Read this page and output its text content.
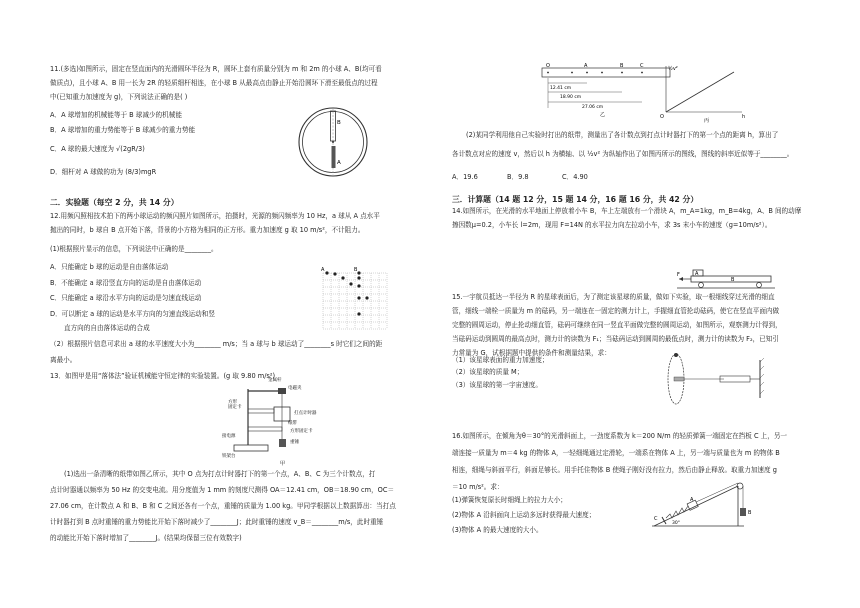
11.(多选)如图所示，固定在竖直面内的光滑圆环半径为 R，圆环上套有质量分别为 m 和 2m 的小球 A、B(均可看

做质点)，且小球 A、B 用一长为 2R 的轻质细杆相连，在小球 B 从最高点由静止开始沿圆环下滑至最低点的过程

中(已知重力加速度为 g)，下列说法正确的是( )

A．A 球增加的机械能等于 B 球减少的机械能

B．A 球增加的重力势能等于 B 球减少的重力势能

C．A 球的最大速度为 √(2gR/3)

D．细杆对 A 球做的功为 (8/3)mgR

B
A

二．实验题（每空 2 分，共 14 分）

12.用频闪照相技术拍下的两小球运动的频闪照片如图所示，拍摄时，光源的频闪频率为 10 Hz，a 球从 A 点水平

抛出的同时，b 球自 B 点开始下落，背景的小方格为相同的正方形。重力加速度 g 取 10 m/s²，不计阻力。

(1)根据照片显示的信息，下列说法中正确的是________。

A．只能确定 b 球的运动是自由落体运动

B．不能确定 a 球沿竖直方向的运动是自由落体运动

C．只能确定 a 球沿水平方向的运动是匀速直线运动

D．可以断定 a 球的运动是水平方向的匀速直线运动和竖

直方向的自由落体运动的合成

（2）根据照片信息可求出 a 球的水平速度大小为________ m/s；当 a 球与 b 球运动了________s 时它们之间的距

离最小。

A	B

13．如图甲是用“落体法”验证机械能守恒定律的实验装置。(g 取 9.80 m/s²)

金属杆
电磁夹
方形
固定卡
打点计时器
纸带
方形固定卡
重锤
接电源
铁架台
甲

(1)选出一条清晰的纸带如图乙所示，其中 O 点为打点计时器打下的第一个点，A、B、C 为三个计数点，打

点计时器通以频率为 50 Hz 的交变电流。用分度值为 1 mm 的刻度尺测得 OA＝12.41 cm，OB＝18.90 cm，OC＝

27.06 cm，在计数点 A 和 B、B 和 C 之间还各有一个点，重锤的质量为 1.00 kg。甲同学根据以上数据算出：当打点

计时器打到 B 点时重锤的重力势能比开始下落时减少了________J；此时重锤的速度 v_B＝________m/s，此时重锤

的动能比开始下落时增加了________J。(结果均保留三位有效数字)

O	A	B	C
12.41 cm
18.90 cm
27.06 cm
乙
½v²
h
O
丙

(2)某同学利用他自己实验时打出的纸带，测量出了各计数点到打点计时器打下的第一个点的距离 h，算出了

各计数点对应的速度 v，然后以 h 为横轴、以 ½v² 为纵轴作出了如图丙所示的图线，图线的斜率近似等于________。

A．19.6	B．9.8	C．4.90

三．计算题（14 题 12 分，15 题 14 分，16 题 16 分，共 42 分）

14.如图所示，在光滑的水平地面上停放着小车 B，车上左端放有一个滑块 A，m_A=1kg，m_B=4kg，A、B 间的动摩

擦因数μ=0.2，小车长 l=2m，现用 F=14N 的水平拉力向左拉动小车，求 3s 末小车的速度（g=10m/s²）。

F	A
B

15.一宇航员抵达一半径为 R 的星球表面后，为了测定该星球的质量，做如下实验，取一根细线穿过光滑的细直

管，细线一端栓一质量为 m 的砝码，另一端连在一固定的测力计上，手握细直管抡动砝码，使它在竖直平面内做

完整的圆周运动，停止抡动细直管，砝码可继续在同一竖直平面做完整的圆周运动，如图所示，观察测力计得到，

当砝码运动到圆周的最高点时，测力计的读数为 F₁；当砝码运动到圆周的最低点时，测力计的读数为 F₂，已知引

力常量为 G，试根据题中提供的条件和测量结果，求：

（1）该星球表面的重力加速度；

（2）该星球的质量 M；

（3）该星球的第一宇宙速度。

16.如图所示，在倾角为θ＝30°的光滑斜面上，一劲度系数为 k＝200 N/m 的轻质弹簧一端固定在挡板 C 上，另一

端连接一质量为 m＝4 kg 的物体 A，一轻细绳通过定滑轮，一端系在物体 A 上，另一端与质量也为 m 的物体 B

相连，细绳与斜面平行，斜面足够长。用手托住物体 B 使绳子刚好没有拉力，然后由静止释放。取重力加速度 g

＝10 m/s²。求：

(1)弹簧恢复原长时细绳上的拉力大小；

(2)物体 A 沿斜面向上运动多远时获得最大速度；

(3)物体 A 的最大速度的大小。

C
A
B
30°
